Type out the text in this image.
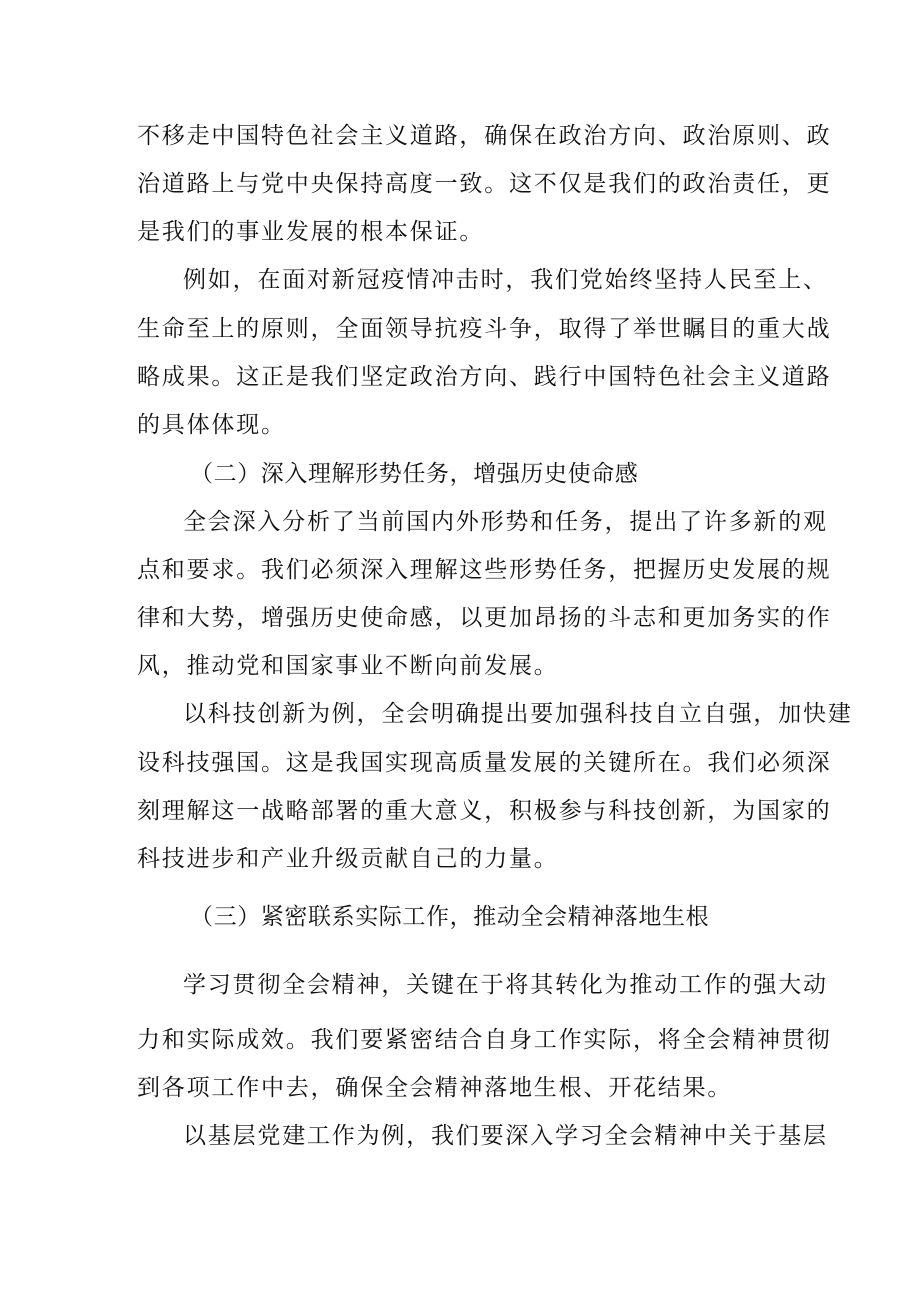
不移走中国特色社会主义道路，确保在政治方向、政治原则、政
治道路上与党中央保持高度一致。这不仅是我们的政治责任，更
是我们的事业发展的根本保证。
例如，在面对新冠疫情冲击时，我们党始终坚持人民至上、
生命至上的原则，全面领导抗疫斗争，取得了举世瞩目的重大战
略成果。这正是我们坚定政治方向、践行中国特色社会主义道路
的具体体现。
（二）深入理解形势任务，增强历史使命感
全会深入分析了当前国内外形势和任务，提出了许多新的观
点和要求。我们必须深入理解这些形势任务，把握历史发展的规
律和大势，增强历史使命感，以更加昂扬的斗志和更加务实的作
风，推动党和国家事业不断向前发展。
以科技创新为例，全会明确提出要加强科技自立自强，加快建
设科技强国。这是我国实现高质量发展的关键所在。我们必须深
刻理解这一战略部署的重大意义，积极参与科技创新，为国家的
科技进步和产业升级贡献自己的力量。
（三）紧密联系实际工作，推动全会精神落地生根
学习贯彻全会精神，关键在于将其转化为推动工作的强大动
力和实际成效。我们要紧密结合自身工作实际，将全会精神贯彻
到各项工作中去，确保全会精神落地生根、开花结果。
以基层党建工作为例，我们要深入学习全会精神中关于基层
